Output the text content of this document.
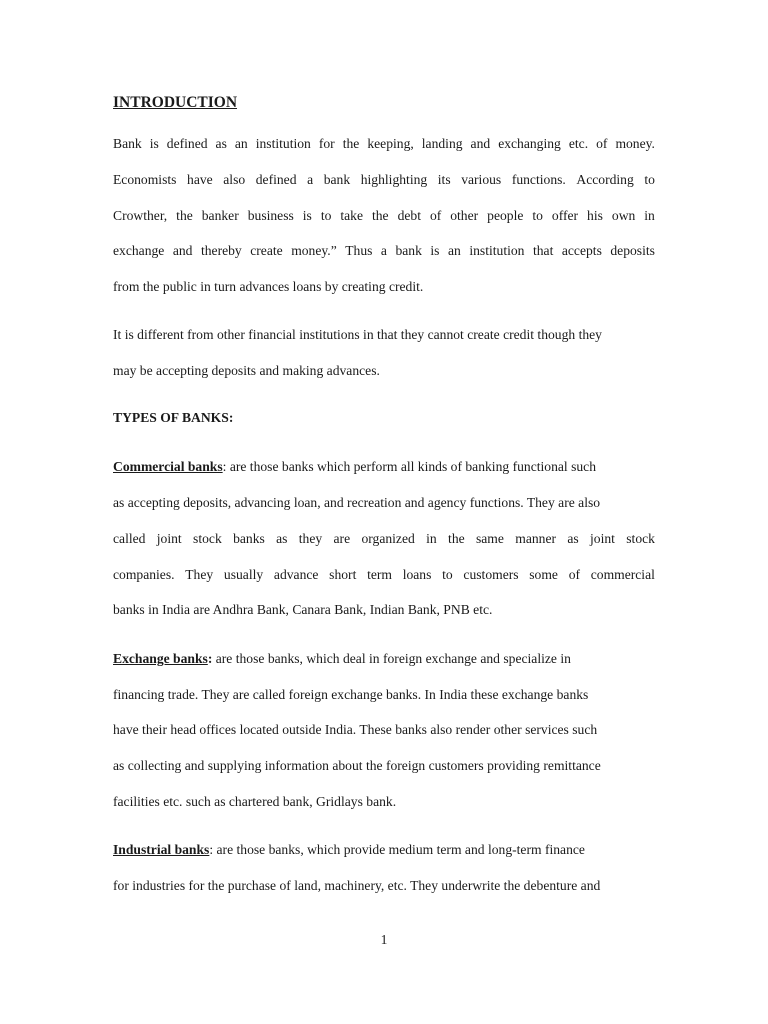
INTRODUCTION
Bank is defined as an institution for the keeping, landing and exchanging etc. of money.
Economists have also defined a bank highlighting its various functions. According to
Crowther, the banker business is to take the debt of other people to offer his own in
exchange and thereby create money.” Thus a bank is an institution that accepts deposits
from the public in turn advances loans by creating credit.
It is different from other financial institutions in that they cannot create credit though they
may be accepting deposits and making advances.
TYPES OF BANKS:
Commercial banks: are those banks which perform all kinds of banking functional such
as accepting deposits, advancing loan, and recreation and agency functions. They are also
called joint stock banks as they are organized in the same manner as joint stock
companies. They usually advance short term loans to customers some of commercial
banks in India are Andhra Bank, Canara Bank, Indian Bank, PNB etc.
Exchange banks: are those banks, which deal in foreign exchange and specialize in
financing trade. They are called foreign exchange banks. In India these exchange banks
have their head offices located outside India. These banks also render other services such
as collecting and supplying information about the foreign customers providing remittance
facilities etc. such as chartered bank, Gridlays bank.
Industrial banks: are those banks, which provide medium term and long-term finance
for industries for the purchase of land, machinery, etc. They underwrite the debenture and
1
